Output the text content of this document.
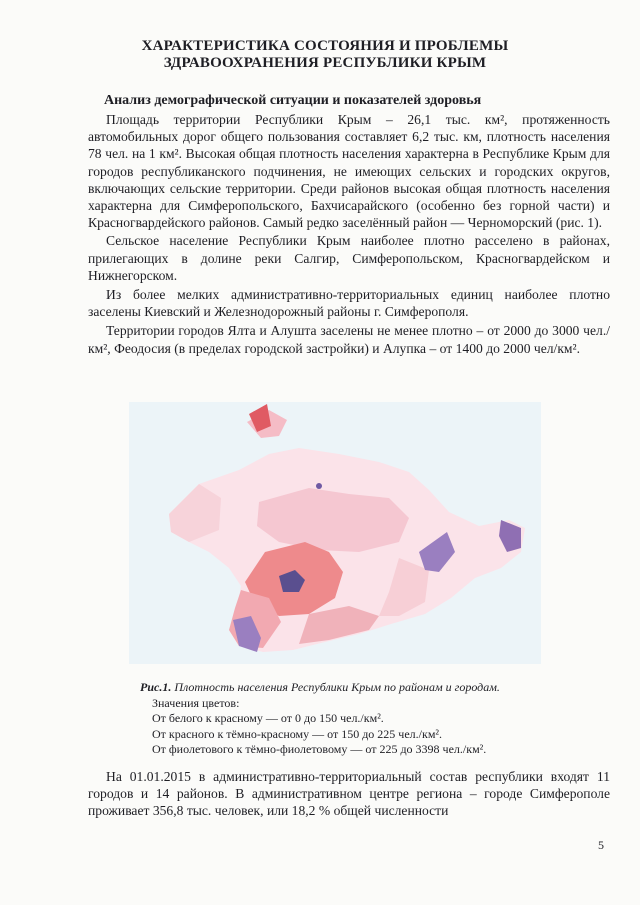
ХАРАКТЕРИСТИКА СОСТОЯНИЯ И ПРОБЛЕМЫ
ЗДРАВООХРАНЕНИЯ РЕСПУБЛИКИ КРЫМ
Анализ демографической ситуации и показателей здоровья

Площадь территории Республики Крым – 26,1 тыс. км², протяженность автомобильных дорог общего пользования составляет 6,2 тыс. км, плотность населения 78 чел. на 1 км². Высокая общая плотность населения характерна в Республике Крым для городов республиканского подчинения, не имеющих сельских и городских округов, включающих сельские территории. Среди районов высокая общая плотность населения характерна для Симферопольского, Бахчисарайского (особенно без горной части) и Красногвардейского районов. Самый редко заселённый район — Черноморский (рис. 1).

Сельское население Республики Крым наиболее плотно расселено в районах, прилегающих в долине реки Салгир, Симферопольском, Красногвардейском и Нижнегорском.

Из более мелких административно-территориальных единиц наиболее плотно заселены Киевский и Железнодорожный районы г. Симферополя.

Территории городов Ялта и Алушта заселены не менее плотно – от 2000 до 3000 чел./км², Феодосия (в пределах городской застройки) и Алупка – от 1400 до 2000 чел/км².

Рис.1. Плотность населения Республики Крым по районам и городам.
Значения цветов:
От белого к красному — от 0 до 150 чел./км².
От красного к тёмно-красному — от 150 до 225 чел./км².
От фиолетового к тёмно-фиолетовому — от 225 до 3398 чел./км².

На 01.01.2015 в административно-территориальный состав республики входят 11 городов и 14 районов. В административном центре региона – городе Симферополе проживает 356,8 тыс. человек, или 18,2 % общей численности

5
